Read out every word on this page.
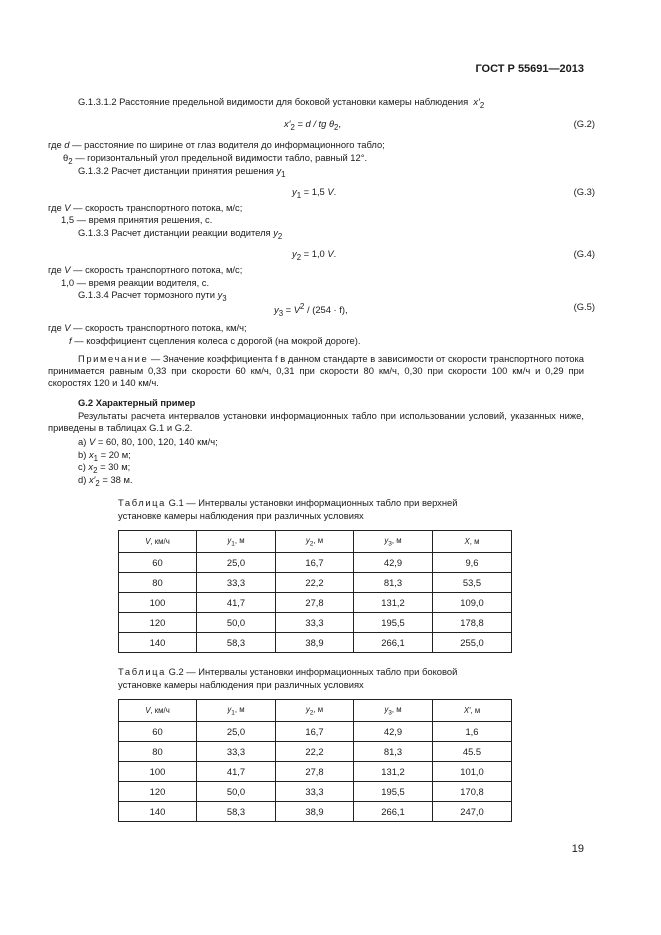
ГОСТ Р 55691—2013
G.1.3.1.2 Расстояние предельной видимости для боковой установки камеры наблюдения $x'_2$
$x'_2 = d$ / tg $\theta_2$,	(G.2)
где d — расстояние по ширине от глаз водителя до информационного табло;
$\theta_2$ — горизонтальный угол предельной видимости табло, равный 12°.
G.1.3.2 Расчет дистанции принятия решения $y_1$
$y_1 = 1,5$ V.	(G.3)
где V — скорость транспортного потока, м/с;
1,5 — время принятия решения, с.
G.1.3.3 Расчет дистанции реакции водителя $y_2$
$y_2 = 1,0$ V.	(G.4)
где V — скорость транспортного потока, м/с;
1,0 — время реакции водителя, с.
G.1.3.4 Расчет тормозного пути $y_3$
$y_3 = V^2 / (254 \cdot f)$,	(G.5)
где V — скорость транспортного потока, км/ч;
f — коэффициент сцепления колеса с дорогой (на мокрой дороге).
Примечание — Значение коэффициента f в данном стандарте в зависимости от скорости транспортного потока принимается равным 0,33 при скорости 60 км/ч, 0,31 при скорости 80 км/ч, 0,30 при скорости 100 км/ч и 0,29 при скоростях 120 и 140 км/ч.
G.2 Характерный пример
Результаты расчета интервалов установки информационных табло при использовании условий, указанных ниже, приведены в таблицах G.1 и G.2.
a) V = 60, 80, 100, 120, 140 км/ч;
b) $x_1 = 20$ м;
c) $x_2 = 30$ м;
d) $x'_2 = 38$ м.
Таблица G.1 — Интервалы установки информационных табло при верхней
установке камеры наблюдения при различных условиях
V, км/ч	$y_1$, м	$y_2$, м	$y_3$, м	X, м
60	25,0	16,7	42,9	9,6
80	33,3	22,2	81,3	53,5
100	41,7	27,8	131,2	109,0
120	50,0	33,3	195,5	178,8
140	58,3	38,9	266,1	255,0
Таблица G.2 — Интервалы установки информационных табло при боковой
установке камеры наблюдения при различных условиях
V, км/ч	$y_1$, м	$y_2$, м	$y_3$, м	X′, м
60	25,0	16,7	42,9	1,6
80	33,3	22,2	81,3	45.5
100	41,7	27,8	131,2	101,0
120	50,0	33,3	195,5	170,8
140	58,3	38,9	266,1	247,0
19
